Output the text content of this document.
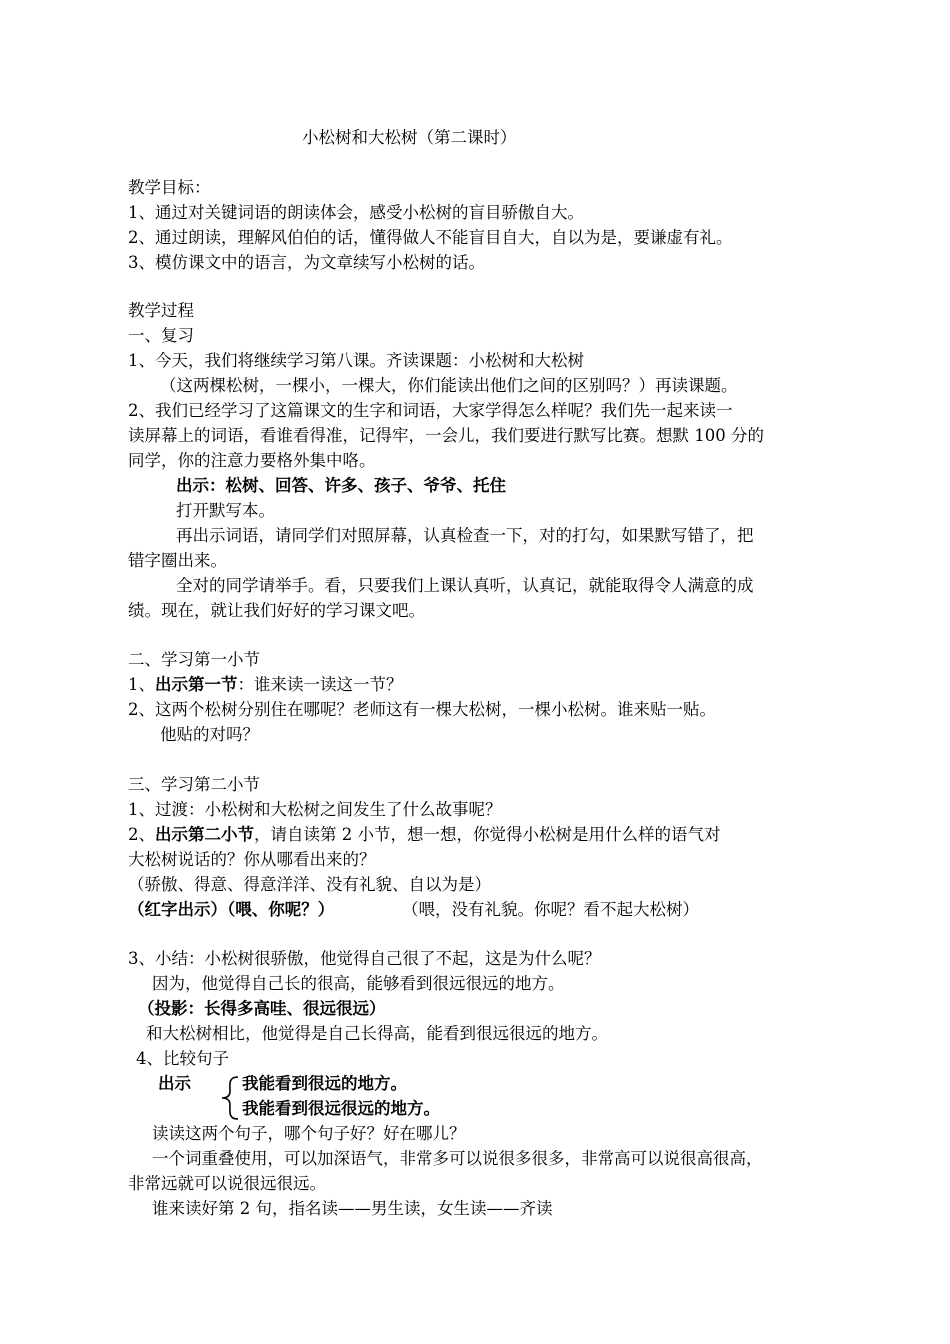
小松树和大松树（第二课时）
教学目标：
1、通过对关键词语的朗读体会，感受小松树的盲目骄傲自大。
2、通过朗读，理解风伯伯的话，懂得做人不能盲目自大，自以为是，要谦虚有礼。
3、模仿课文中的语言，为文章续写小松树的话。
教学过程
一、复习
1、今天，我们将继续学习第八课。齐读课题：小松树和大松树
（这两棵松树，一棵小，一棵大，你们能读出他们之间的区别吗？）再读课题。
2、我们已经学习了这篇课文的生字和词语，大家学得怎么样呢？我们先一起来读一
读屏幕上的词语，看谁看得准，记得牢，一会儿，我们要进行默写比赛。想默 100 分的
同学，你的注意力要格外集中咯。
出示：松树、回答、许多、孩子、爷爷、托住
打开默写本。
再出示词语，请同学们对照屏幕，认真检查一下，对的打勾，如果默写错了，把
错字圈出来。
全对的同学请举手。看，只要我们上课认真听，认真记，就能取得令人满意的成
绩。现在，就让我们好好的学习课文吧。
二、学习第一小节
1、出示第一节：谁来读一读这一节？
2、这两个松树分别住在哪呢？老师这有一棵大松树，一棵小松树。谁来贴一贴。
他贴的对吗？
三、学习第二小节
1、过渡：小松树和大松树之间发生了什么故事呢？
2、出示第二小节，请自读第 2 小节，想一想，你觉得小松树是用什么样的语气对
大松树说话的？你从哪看出来的？
（骄傲、得意、得意洋洋、没有礼貌、自以为是）
（红字出示）（喂、你呢？）	（喂，没有礼貌。你呢？看不起大松树）
3、小结：小松树很骄傲，他觉得自己很了不起，这是为什么呢？
因为，他觉得自己长的很高，能够看到很远很远的地方。
（投影：长得多高哇、很远很远）
和大松树相比，他觉得是自己长得高，能看到很远很远的地方。
4、比较句子
出示	我能看到很远的地方。
我能看到很远很远的地方。
读读这两个句子，哪个句子好？好在哪儿？
一个词重叠使用，可以加深语气，非常多可以说很多很多，非常高可以说很高很高，
非常远就可以说很远很远。
谁来读好第 2 句，指名读——男生读，女生读——齐读
